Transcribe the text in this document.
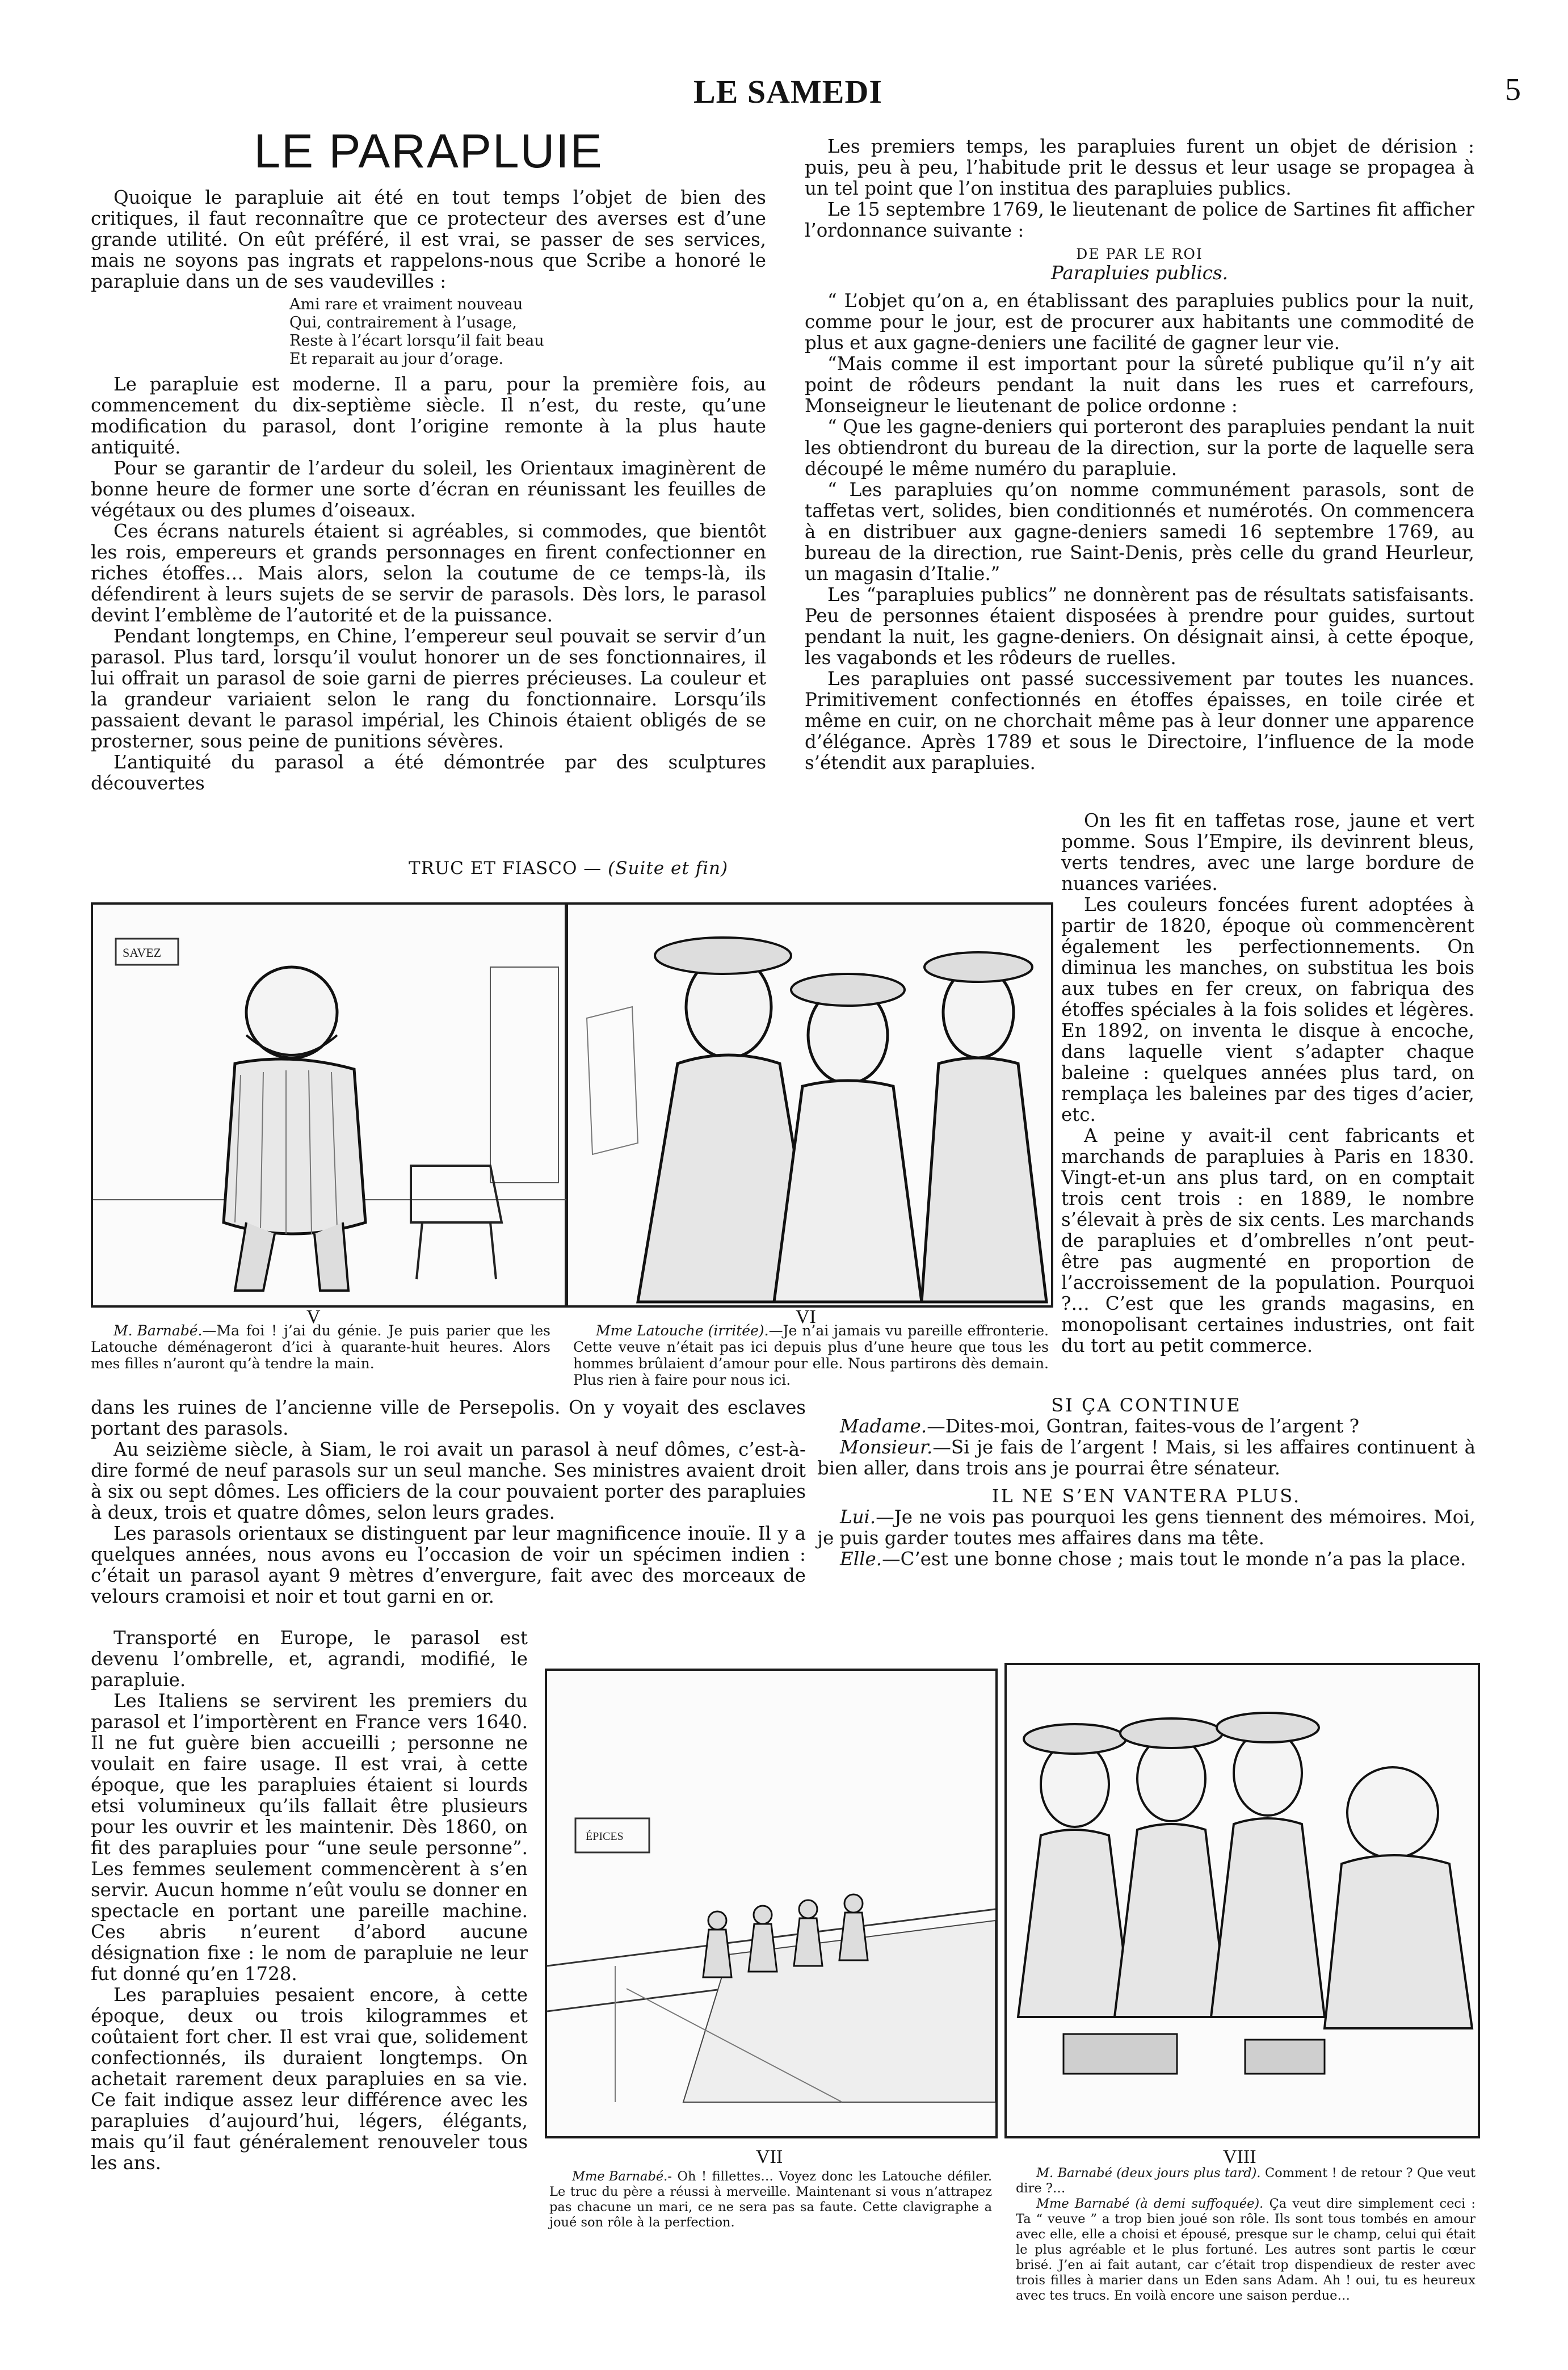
LE SAMEDI	5
LE PARAPLUIE

Quoique le parapluie ait été en tout temps l’objet de bien des critiques, il faut reconnaître que ce protecteur des averses est d’une grande utilité. On eût préféré, il est vrai, se passer de ses services, mais ne soyons pas ingrats et rappelons-nous que Scribe a honoré le parapluie dans un de ses vaudevilles :

Ami rare et vraiment nouveau
Qui, contrairement à l’usage,
Reste à l’écart lorsqu’il fait beau
Et reparait au jour d’orage.

Le parapluie est moderne. Il a paru, pour la première fois, au commencement du dix-septième siècle. Il n’est, du reste, qu’une modification du parasol, dont l’origine remonte à la plus haute antiquité.

Pour se garantir de l’ardeur du soleil, les Orientaux imaginèrent de bonne heure de former une sorte d’écran en réunissant les feuilles de végétaux ou des plumes d’oiseaux.

Ces écrans naturels étaient si agréables, si commodes, que bientôt les rois, empereurs et grands personnages en firent confectionner en riches étoffes… Mais alors, selon la coutume de ce temps-là, ils défendirent à leurs sujets de se servir de parasols. Dès lors, le parasol devint l’emblème de l’autorité et de la puissance.

Pendant longtemps, en Chine, l’empereur seul pouvait se servir d’un parasol. Plus tard, lorsqu’il voulut honorer un de ses fonctionnaires, il lui offrait un parasol de soie garni de pierres précieuses. La couleur et la grandeur variaient selon le rang du fonctionnaire. Lorsqu’ils passaient devant le parasol impérial, les Chinois étaient obligés de se prosterner, sous peine de punitions sévères.

L’antiquité du parasol a été démontrée par des sculptures découvertes

Les premiers temps, les parapluies furent un objet de dérision : puis, peu à peu, l’habitude prit le dessus et leur usage se propagea à un tel point que l’on institua des parapluies publics.

Le 15 septembre 1769, le lieutenant de police de Sartines fit afficher l’ordonnance suivante :

DE PAR LE ROI
Parapluies publics.

“ L’objet qu’on a, en établissant des parapluies publics pour la nuit, comme pour le jour, est de procurer aux habitants une commodité de plus et aux gagne-deniers une facilité de gagner leur vie.

“Mais comme il est important pour la sûreté publique qu’il n’y ait point de rôdeurs pendant la nuit dans les rues et carrefours, Monseigneur le lieutenant de police ordonne :

“ Que les gagne-deniers qui porteront des parapluies pendant la nuit les obtiendront du bureau de la direction, sur la porte de laquelle sera découpé le même numéro du parapluie.

“ Les parapluies qu’on nomme communément parasols, sont de taffetas vert, solides, bien conditionnés et numérotés. On commencera à en distribuer aux gagne-deniers samedi 16 septembre 1769, au bureau de la direction, rue Saint-Denis, près celle du grand Heurleur, un magasin d’Italie.”

Les “parapluies publics” ne donnèrent pas de résultats satisfaisants. Peu de personnes étaient disposées à prendre pour guides, surtout pendant la nuit, les gagne-deniers. On désignait ainsi, à cette époque, les vagabonds et les rôdeurs de ruelles.

Les parapluies ont passé successivement par toutes les nuances. Primitivement confectionnés en étoffes épaisses, en toile cirée et même en cuir, on ne chorchait même pas à leur donner une apparence d’élégance. Après 1789 et sous le Directoire, l’influence de la mode s’étendit aux parapluies.

On les fit en taffetas rose, jaune et vert pomme. Sous l’Empire, ils devinrent bleus, verts tendres, avec une large bordure de nuances variées.

Les couleurs foncées furent adoptées à partir de 1820, époque où commencèrent également les perfectionnements. On diminua les manches, on substitua les bois aux tubes en fer creux, on fabriqua des étoffes spéciales à la fois solides et légères. En 1892, on inventa le disque à encoche, dans laquelle vient s’adapter chaque baleine : quelques années plus tard, on remplaça les baleines par des tiges d’acier, etc.

A peine y avait-il cent fabricants et marchands de parapluies à Paris en 1830. Vingt-et-un ans plus tard, on en comptait trois cent trois : en 1889, le nombre s’élevait à près de six cents. Les marchands de parapluies et d’ombrelles n’ont peut-être pas augmenté en proportion de l’accroissement de la population. Pourquoi ?… C’est que les grands magasins, en monopolisant certaines industries, ont fait du tort au petit commerce.

TRUC ET FIASCO — (Suite et fin)
SAVEZ
V
M. Barnabé.—Ma foi ! j’ai du génie. Je puis parier que les Latouche déménageront d’ici à quarante-huit heures. Alors mes filles n’auront qu’à tendre la main.
VI
Mme Latouche (irritée).—Je n’ai jamais vu pareille effronterie. Cette veuve n’était pas ici depuis plus d’une heure que tous les hommes brûlaient d’amour pour elle. Nous partirons dès demain. Plus rien à faire pour nous ici.

dans les ruines de l’ancienne ville de Persepolis. On y voyait des esclaves portant des parasols.

Au seizième siècle, à Siam, le roi avait un parasol à neuf dômes, c’est-à-dire formé de neuf parasols sur un seul manche. Ses ministres avaient droit à six ou sept dômes. Les officiers de la cour pouvaient porter des parapluies à deux, trois et quatre dômes, selon leurs grades.

Les parasols orientaux se distinguent par leur magnificence inouïe. Il y a quelques années, nous avons eu l’occasion de voir un spécimen indien : c’était un parasol ayant 9 mètres d’envergure, fait avec des morceaux de velours cramoisi et noir et tout garni en or.

Transporté en Europe, le parasol est devenu l’ombrelle, et, agrandi, modifié, le parapluie.

Les Italiens se servirent les premiers du parasol et l’importèrent en France vers 1640. Il ne fut guère bien accueilli ; personne ne voulait en faire usage. Il est vrai, à cette époque, que les parapluies étaient si lourds etsi volumineux qu’ils fallait être plusieurs pour les ouvrir et les maintenir. Dès 1860, on fit des parapluies pour “une seule personne”. Les femmes seulement commencèrent à s’en servir. Aucun homme n’eût voulu se donner en spectacle en portant une pareille machine. Ces abris n’eurent d’abord aucune désignation fixe : le nom de parapluie ne leur fut donné qu’en 1728.

Les parapluies pesaient encore, à cette époque, deux ou trois kilogrammes et coûtaient fort cher. Il est vrai que, solidement confectionnés, ils duraient longtemps. On achetait rarement deux parapluies en sa vie. Ce fait indique assez leur différence avec les parapluies d’aujourd’hui, légers, élégants, mais qu’il faut généralement renouveler tous les ans.

SI ÇA CONTINUE

Madame.—Dites-moi, Gontran, faites-vous de l’argent ?

Monsieur.—Si je fais de l’argent ! Mais, si les affaires continuent à bien aller, dans trois ans je pourrai être sénateur.

IL NE S’EN VANTERA PLUS.

Lui.—Je ne vois pas pourquoi les gens tiennent des mémoires. Moi, je puis garder toutes mes affaires dans ma tête.

Elle.—C’est une bonne chose ; mais tout le monde n’a pas la place.

ÉPICES
VII
Mme Barnabé.- Oh ! fillettes… Voyez donc les Latouche défiler. Le truc du père a réussi à merveille. Maintenant si vous n’attrapez pas chacune un mari, ce ne sera pas sa faute. Cette clavigraphe a joué son rôle à la perfection.
VIII
M. Barnabé (deux jours plus tard). Comment ! de retour ? Que veut dire ?…
Mme Barnabé (à demi suffoquée). Ça veut dire simplement ceci : Ta “ veuve ” a trop bien joué son rôle. Ils sont tous tombés en amour avec elle, elle a choisi et épousé, presque sur le champ, celui qui était le plus agréable et le plus fortuné. Les autres sont partis le cœur brisé. J’en ai fait autant, car c’était trop dispendieux de rester avec trois filles à marier dans un Eden sans Adam. Ah ! oui, tu es heureux avec tes trucs. En voilà encore une saison perdue…
